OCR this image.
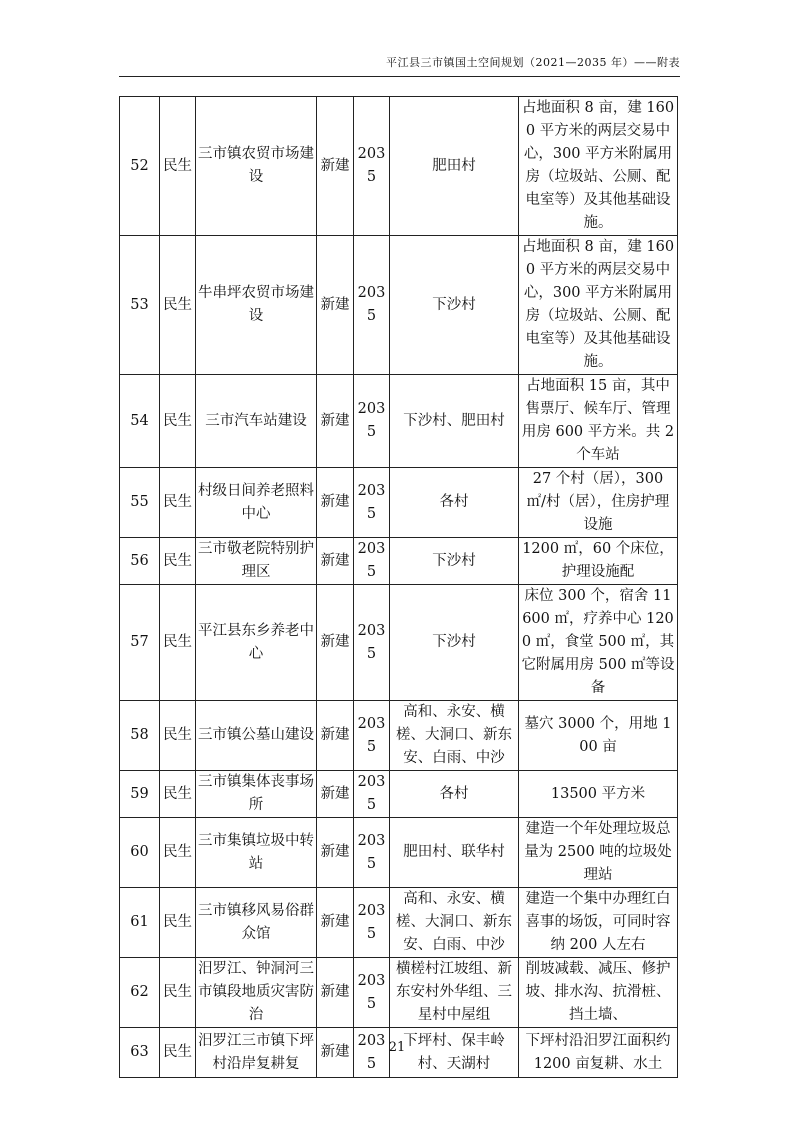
平江县三市镇国土空间规划（2021—2035 年）——附表
52	民生	三市镇农贸市场建设	新建	2035	肥田村	占地面积 8 亩，建 1600 平方米的两层交易中心，300 平方米附属用房（垃圾站、公厕、配电室等）及其他基础设施。
53	民生	牛串坪农贸市场建设	新建	2035	下沙村	占地面积 8 亩，建 1600 平方米的两层交易中心，300 平方米附属用房（垃圾站、公厕、配电室等）及其他基础设施。
54	民生	三市汽车站建设	新建	2035	下沙村、肥田村	占地面积 15 亩，其中售票厅、候车厅、管理用房 600 平方米。共 2 个车站
55	民生	村级日间养老照料中心	新建	2035	各村	27 个村（居），300 ㎡/村（居），住房护理设施
56	民生	三市敬老院特别护理区	新建	2035	下沙村	1200 ㎡，60 个床位，护理设施配
57	民生	平江县东乡养老中心	新建	2035	下沙村	床位 300 个，宿舍 11600 ㎡，疗养中心 1200 ㎡，食堂 500 ㎡，其它附属用房 500 ㎡等设备
58	民生	三市镇公墓山建设	新建	2035	高和、永安、横槎、大洞口、新东安、白雨、中沙	墓穴 3000 个，用地 100 亩
59	民生	三市镇集体丧事场所	新建	2035	各村	13500 平方米
60	民生	三市集镇垃圾中转站	新建	2035	肥田村、联华村	建造一个年处理垃圾总量为 2500 吨的垃圾处理站
61	民生	三市镇移风易俗群众馆	新建	2035	高和、永安、横槎、大洞口、新东安、白雨、中沙	建造一个集中办理红白喜事的场饭，可同时容纳 200 人左右
62	民生	汨罗江、钟洞河三市镇段地质灾害防治	新建	2035	横槎村江坡组、新东安村外华组、三星村中屋组	削坡减载、减压、修护坡、排水沟、抗滑桩、挡土墙、
63	民生	汨罗江三市镇下坪村沿岸复耕复	新建	2035	下坪村、保丰岭村、天湖村	下坪村沿汨罗江面积约 1200 亩复耕、水土
21
